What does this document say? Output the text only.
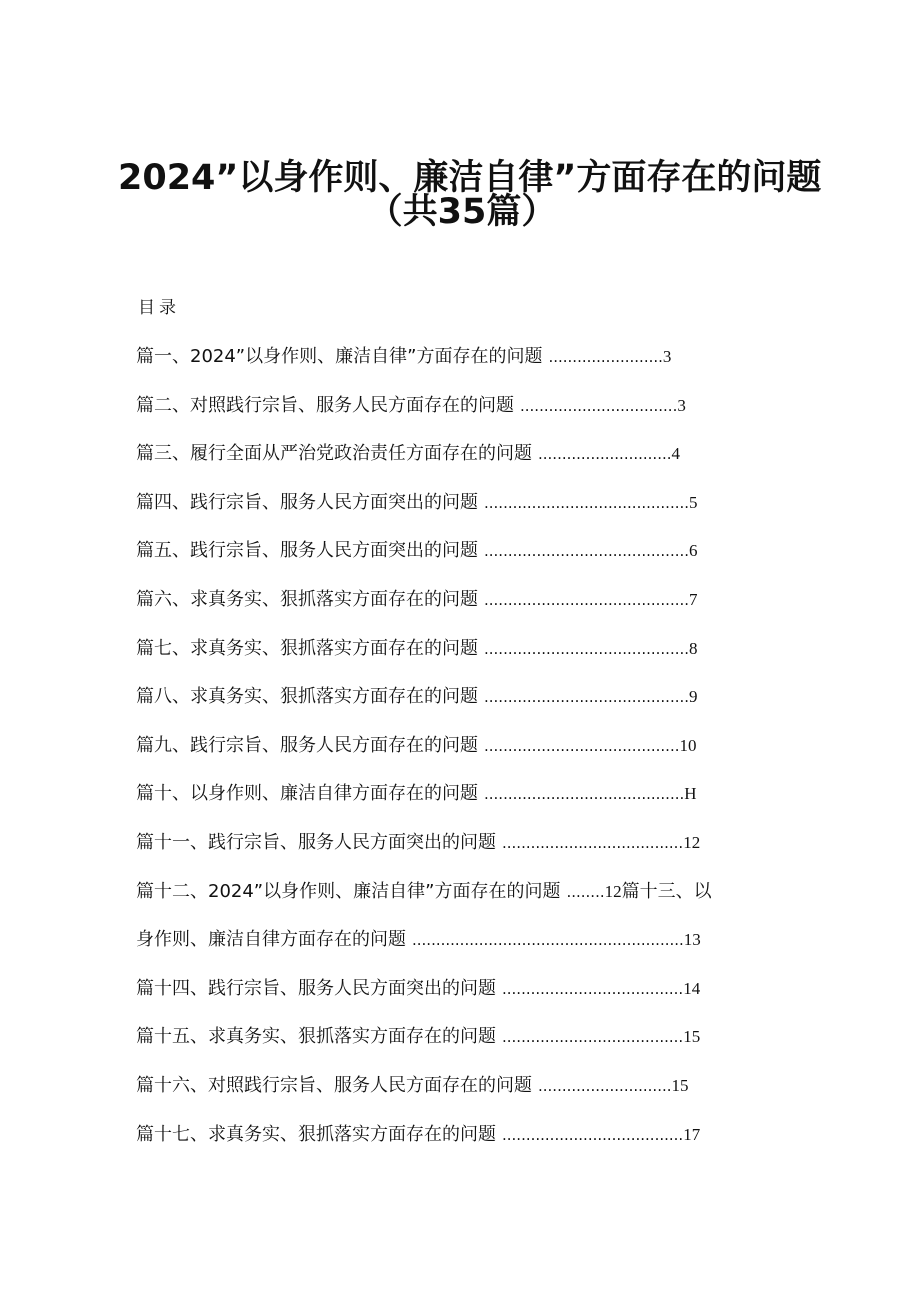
2024”以身作则、廉洁自律”方面存在的问题
（共35篇）
目录
篇一、2024”以身作则、廉洁自律”方面存在的问题 ........................ 3
篇二、对照践行宗旨、服务人民方面存在的问题 ................................. 3
篇三、履行全面从严治党政治责任方面存在的问题 ............................ 4
篇四、践行宗旨、服务人民方面突出的问题 ........................................... 5
篇五、践行宗旨、服务人民方面突出的问题 ........................................... 6
篇六、求真务实、狠抓落实方面存在的问题 ........................................... 7
篇七、求真务实、狠抓落实方面存在的问题 ........................................... 8
篇八、求真务实、狠抓落实方面存在的问题 ........................................... 9
篇九、践行宗旨、服务人民方面存在的问题 ......................................... 10
篇十、以身作则、廉洁自律方面存在的问题 .......................................... H
篇十一、践行宗旨、服务人民方面突出的问题 ...................................... 12
篇十二、2024”以身作则、廉洁自律”方面存在的问题 ........ 12 篇十三、以
身作则、廉洁自律方面存在的问题 ......................................................... 13
篇十四、践行宗旨、服务人民方面突出的问题 ...................................... 14
篇十五、求真务实、狠抓落实方面存在的问题 ...................................... 15
篇十六、对照践行宗旨、服务人民方面存在的问题 ............................ 15
篇十七、求真务实、狠抓落实方面存在的问题 ...................................... 17
